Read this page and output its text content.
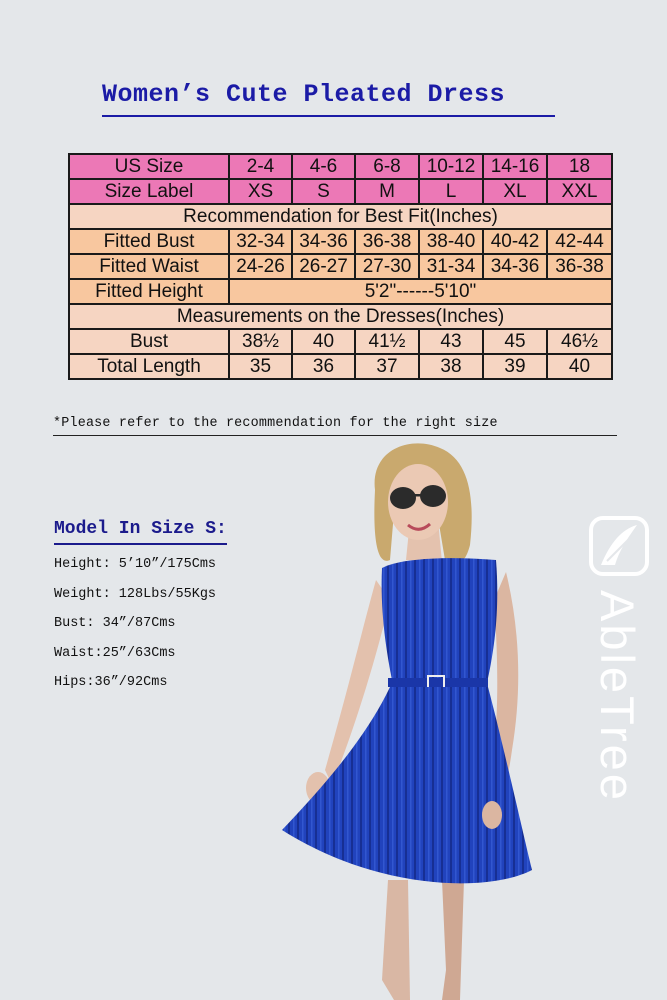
Women’s Cute Pleated Dress
US Size	2-4	4-6	6-8	10-12	14-16	18
Size Label	XS	S	M	L	XL	XXL
Recommendation for Best Fit(Inches)						
Fitted Bust	32-34	34-36	36-38	38-40	40-42	42-44
Fitted Waist	24-26	26-27	27-30	31-34	34-36	36-38
Fitted Height	5'2"------5'10"					
Measurements on the Dresses(Inches)						
Bust	38½	40	41½	43	45	46½
Total Length	35	36	37	38	39	40
*Please refer to the recommendation for the right size
Model In Size S:
Height: 5’10”/175Cms
Weight: 128Lbs/55Kgs
Bust: 34”/87Cms
Waist:25”/63Cms
Hips:36”/92Cms	AbleTree
